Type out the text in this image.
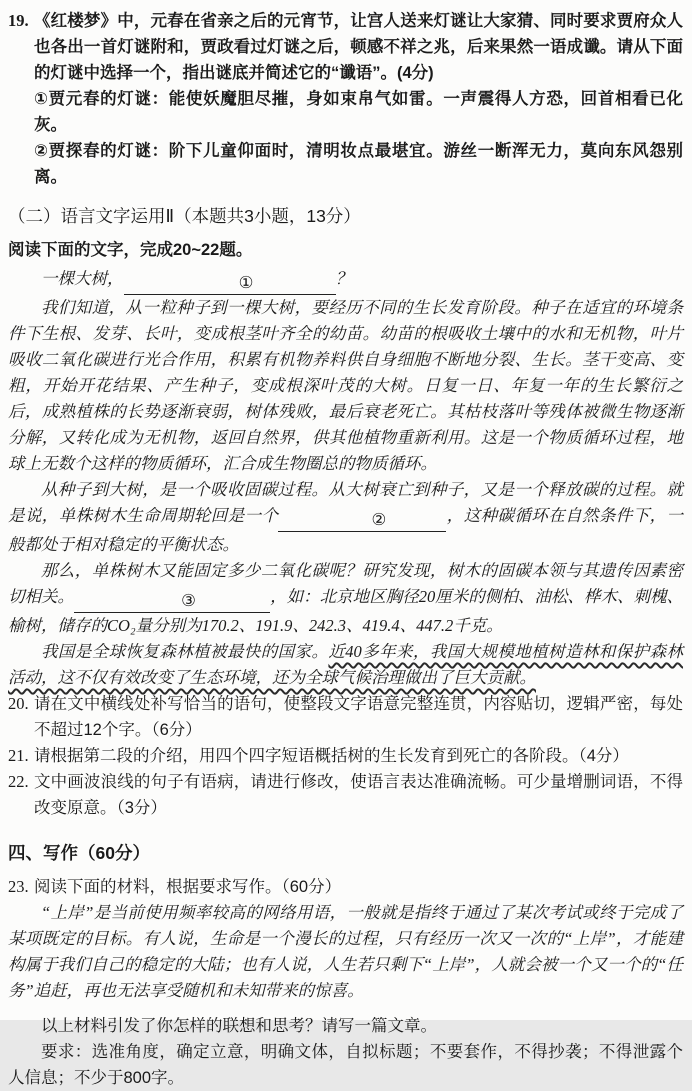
19. 《红楼梦》中，元春在省亲之后的元宵节，让宫人送来灯谜让大家猜、同时要求贾府众人也各出一首灯谜附和，贾政看过灯谜之后，顿感不祥之兆，后来果然一语成谶。请从下面的灯谜中选择一个，指出谜底并简述它的“谶语”。(4分)
①贾元春的灯谜：能使妖魔胆尽摧，身如束帛气如雷。一声震得人方恐，回首相看已化灰。
②贾探春的灯谜：阶下儿童仰面时，清明妆点最堪宜。游丝一断浑无力，莫向东风怨别离。
（二）语言文字运用Ⅱ（本题共3小题，13分）
阅读下面的文字，完成20~22题。

一棵大树，	①	？

我们知道，从一粒种子到一棵大树，要经历不同的生长发育阶段。种子在适宜的环境条件下生根、发芽、长叶，变成根茎叶齐全的幼苗。幼苗的根吸收土壤中的水和无机物，叶片吸收二氧化碳进行光合作用，积累有机物养料供自身细胞不断地分裂、生长。茎干变高、变粗，开始开花结果、产生种子，变成根深叶茂的大树。日复一日、年复一年的生长繁衍之后，成熟植株的长势逐渐衰弱，树体残败，最后衰老死亡。其枯枝落叶等残体被微生物逐渐分解，又转化成为无机物，返回自然界，供其他植物重新利用。这是一个物质循环过程，地球上无数个这样的物质循环，汇合成生物圈总的物质循环。

从种子到大树，是一个吸收固碳过程。从大树衰亡到种子，又是一个释放碳的过程。就是说，单株树木生命周期轮回是一个	②	，这种碳循环在自然条件下，一般都处于相对稳定的平衡状态。

那么，单株树木又能固定多少二氧化碳呢？研究发现，树木的固碳本领与其遗传因素密切相关。	③	，如：北京地区胸径20厘米的侧柏、油松、桦木、刺槐、榆树，储存的CO₂量分别为170.2、191.9、242.3、419.4、447.2千克。

我国是全球恢复森林植被最快的国家。近40多年来，我国大规模地植树造林和保护森林活动，这不仅有效改变了生态环境，还为全球气候治理做出了巨大贡献。

20. 请在文中横线处补写恰当的语句，使整段文字语意完整连贯，内容贴切，逻辑严密，每处不超过12个字。（6分）
21. 请根据第二段的介绍，用四个四字短语概括树的生长发育到死亡的各阶段。（4分）
22. 文中画波浪线的句子有语病，请进行修改，使语言表达准确流畅。可少量增删词语，不得改变原意。（3分）
四、写作（60分）
23. 阅读下面的材料，根据要求写作。（60分）

“上岸”是当前使用频率较高的网络用语，一般就是指终于通过了某次考试或终于完成了某项既定的目标。有人说，生命是一个漫长的过程，只有经历一次又一次的“上岸”，才能建构属于我们自己的稳定的大陆；也有人说，人生若只剩下“上岸”，人就会被一个又一个的“任务”追赶，再也无法享受随机和未知带来的惊喜。

以上材料引发了你怎样的联想和思考？请写一篇文章。

要求：选准角度，确定立意，明确文体，自拟标题；不要套作，不得抄袭；不得泄露个人信息；不少于800字。
